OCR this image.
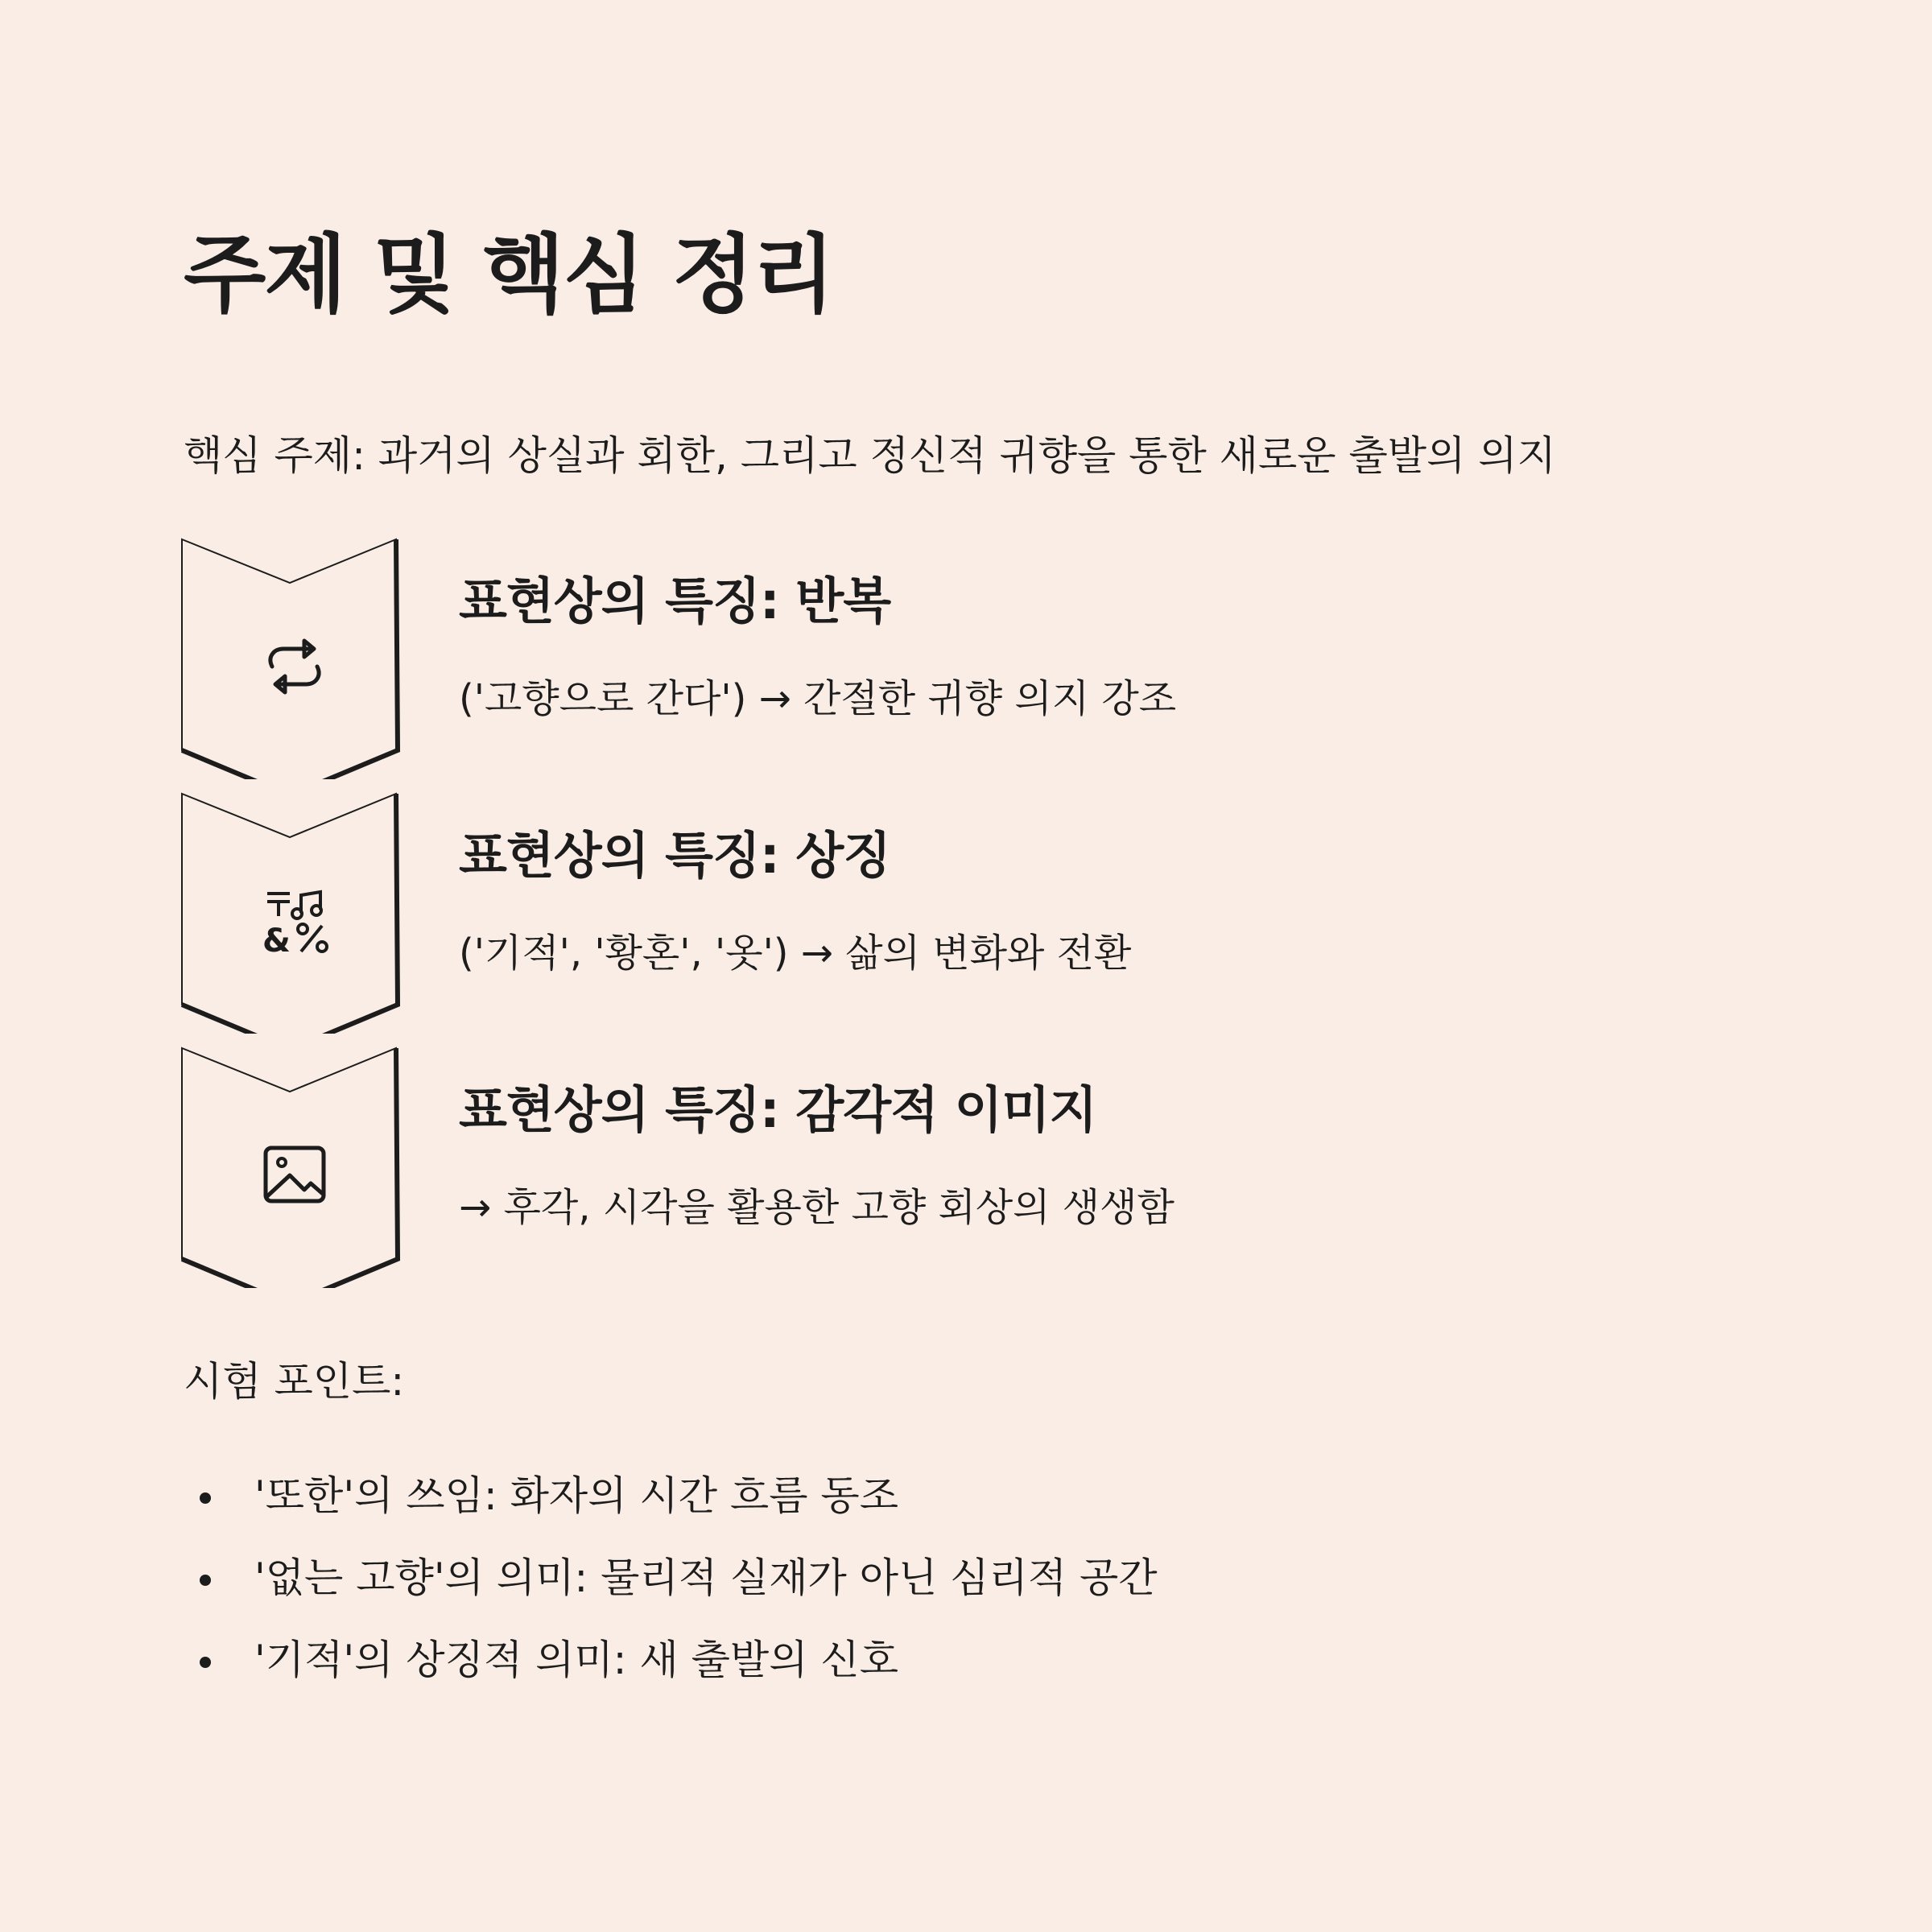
주제 및 핵심 정리
핵심 주제: 과거의 상실과 회한, 그리고 정신적 귀향을 통한 새로운 출발의 의지
표현상의 특징: 반복
('고향으로 간다') → 간절한 귀향 의지 강조
&
표현상의 특징: 상징
('기적', '황혼', '옷') → 삶의 변화와 전환
표현상의 특징: 감각적 이미지
→ 후각, 시각을 활용한 고향 회상의 생생함
시험 포인트:
'또한'의 쓰임: 화자의 시간 흐름 동조
'없는 고향'의 의미: 물리적 실재가 아닌 심리적 공간
'기적'의 상징적 의미: 새 출발의 신호
